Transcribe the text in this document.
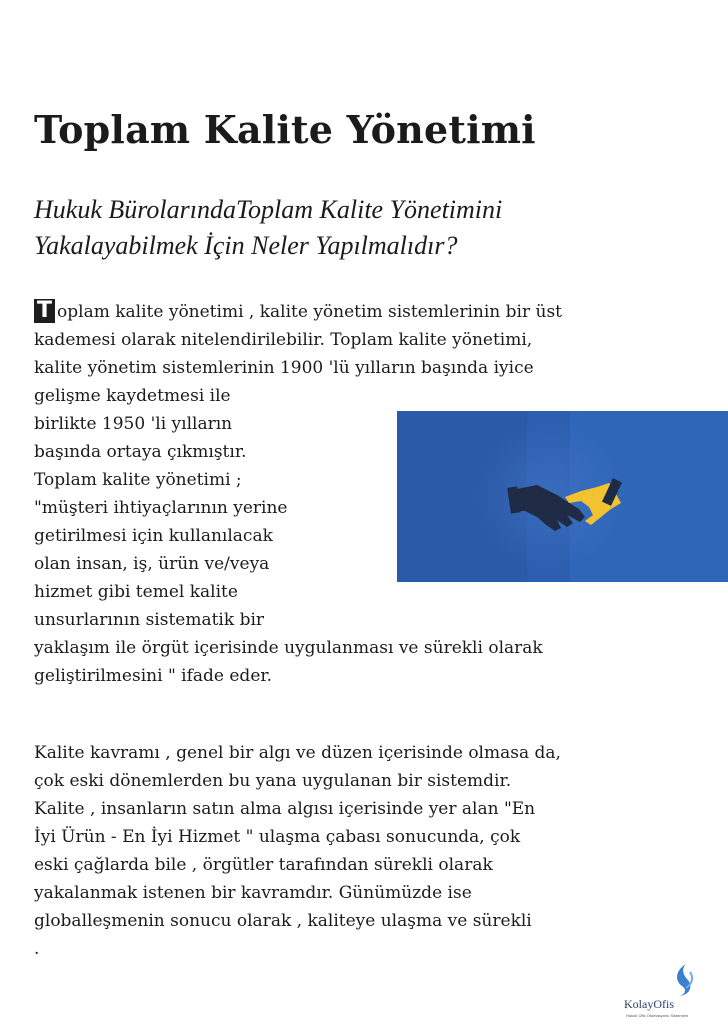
Toplam Kalite Yönetimi
Hukuk BürolarındaToplam Kalite Yönetimini
Yakalayabilmek İçin Neler Yapılmalıdır?
T oplam kalite yönetimi , kalite yönetim sistemlerinin bir üst
kademesi olarak nitelendirilebilir. Toplam kalite yönetimi,
kalite yönetim sistemlerinin 1900 'lü yılların başında iyice
gelişme kaydetmesi ile
birlikte 1950 'li yılların
başında ortaya çıkmıştır.
Toplam kalite yönetimi ;
"müşteri ihtiyaçlarının yerine
getirilmesi için kullanılacak
olan insan, iş, ürün ve/veya
hizmet gibi temel kalite
unsurlarının sistematik bir
yaklaşım ile örgüt içerisinde uygulanması ve sürekli olarak
geliştirilmesini " ifade eder.
Kalite kavramı , genel bir algı ve düzen içerisinde olmasa da,
çok eski dönemlerden bu yana uygulanan bir sistemdir.
Kalite , insanların satın alma algısı içerisinde yer alan "En
İyi Ürün - En İyi Hizmet " ulaşma çabası sonucunda, çok
eski çağlarda bile , örgütler tarafından sürekli olarak
yakalanmak istenen bir kavramdır. Günümüzde ise
globalleşmenin sonucu olarak , kaliteye ulaşma ve sürekli
.
KolayOfis
Hukuk Ofis Otomasyonu Sistemleri
